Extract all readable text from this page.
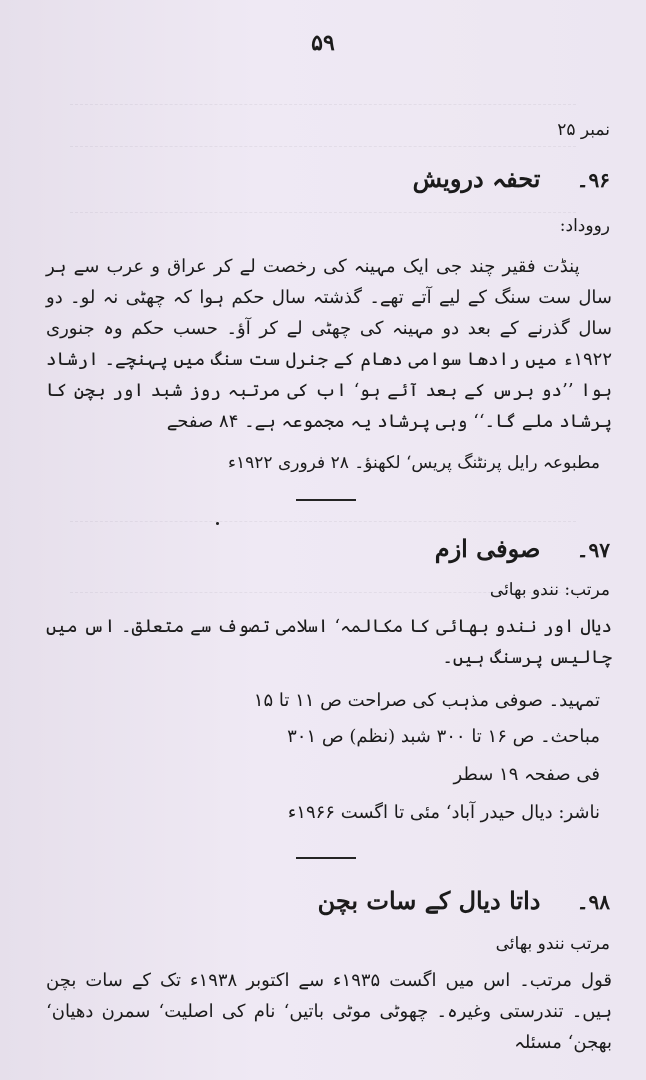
۵۹
نمبر ۲۵
۹۶۔ تحفہ درویش
رووداد:
پنڈت فقیر چند جی ایک مہینہ کی رخصت لے کر عراق و عرب سے ہر سال ست سنگ کے لیے آتے تھے۔ گذشتہ سال حکم ہوا کہ چھٹی نہ لو۔ دو سال گذرنے کے بعد دو مہینہ کی چھٹی لے کر آؤ۔ حسب حکم وہ جنوری ۱۹۲۲ء میں رادھا سوامی دھام کے جنرل ست سنگ میں پہنچے۔ ارشاد ہوا ’’دو برس کے بعد آئے ہو‘ اب کی مرتبہ روز شبد اور بچن کا پرشاد ملے گا۔‘‘ وہی پرشاد یہ مجموعہ ہے۔ ۸۴ صفحے
مطبوعہ رایل پرنٹنگ پریس‘ لکھنؤ۔ ۲۸ فروری ۱۹۲۲ء
۹۷۔ صوفی ازم
مرتب: نندو بھائی
دیال اور نندو بھائی کا مکالمہ‘ اسلامی تصوف سے متعلق۔ اس میں چالیس پرسنگ ہیں۔
تمہید۔ صوفی مذہب کی صراحت ص ۱۱ تا ۱۵
مباحث۔ ص ۱۶ تا ۳۰۰ شبد (نظم) ص ۳۰۱
فی صفحہ ۱۹ سطر
ناشر: دیال حیدر آباد‘ مئی تا اگست ۱۹۶۶ء
۹۸۔ داتا دیال کے سات بچن
مرتب نندو بھائی
قول مرتب۔ اس میں اگست ۱۹۳۵ء سے اکتوبر ۱۹۳۸ء تک کے سات بچن ہیں۔ تندرستی وغیرہ۔ چھوٹی موٹی باتیں‘ نام کی اصلیت‘ سمرن دھیان‘ بھجن‘ مسئلہ
